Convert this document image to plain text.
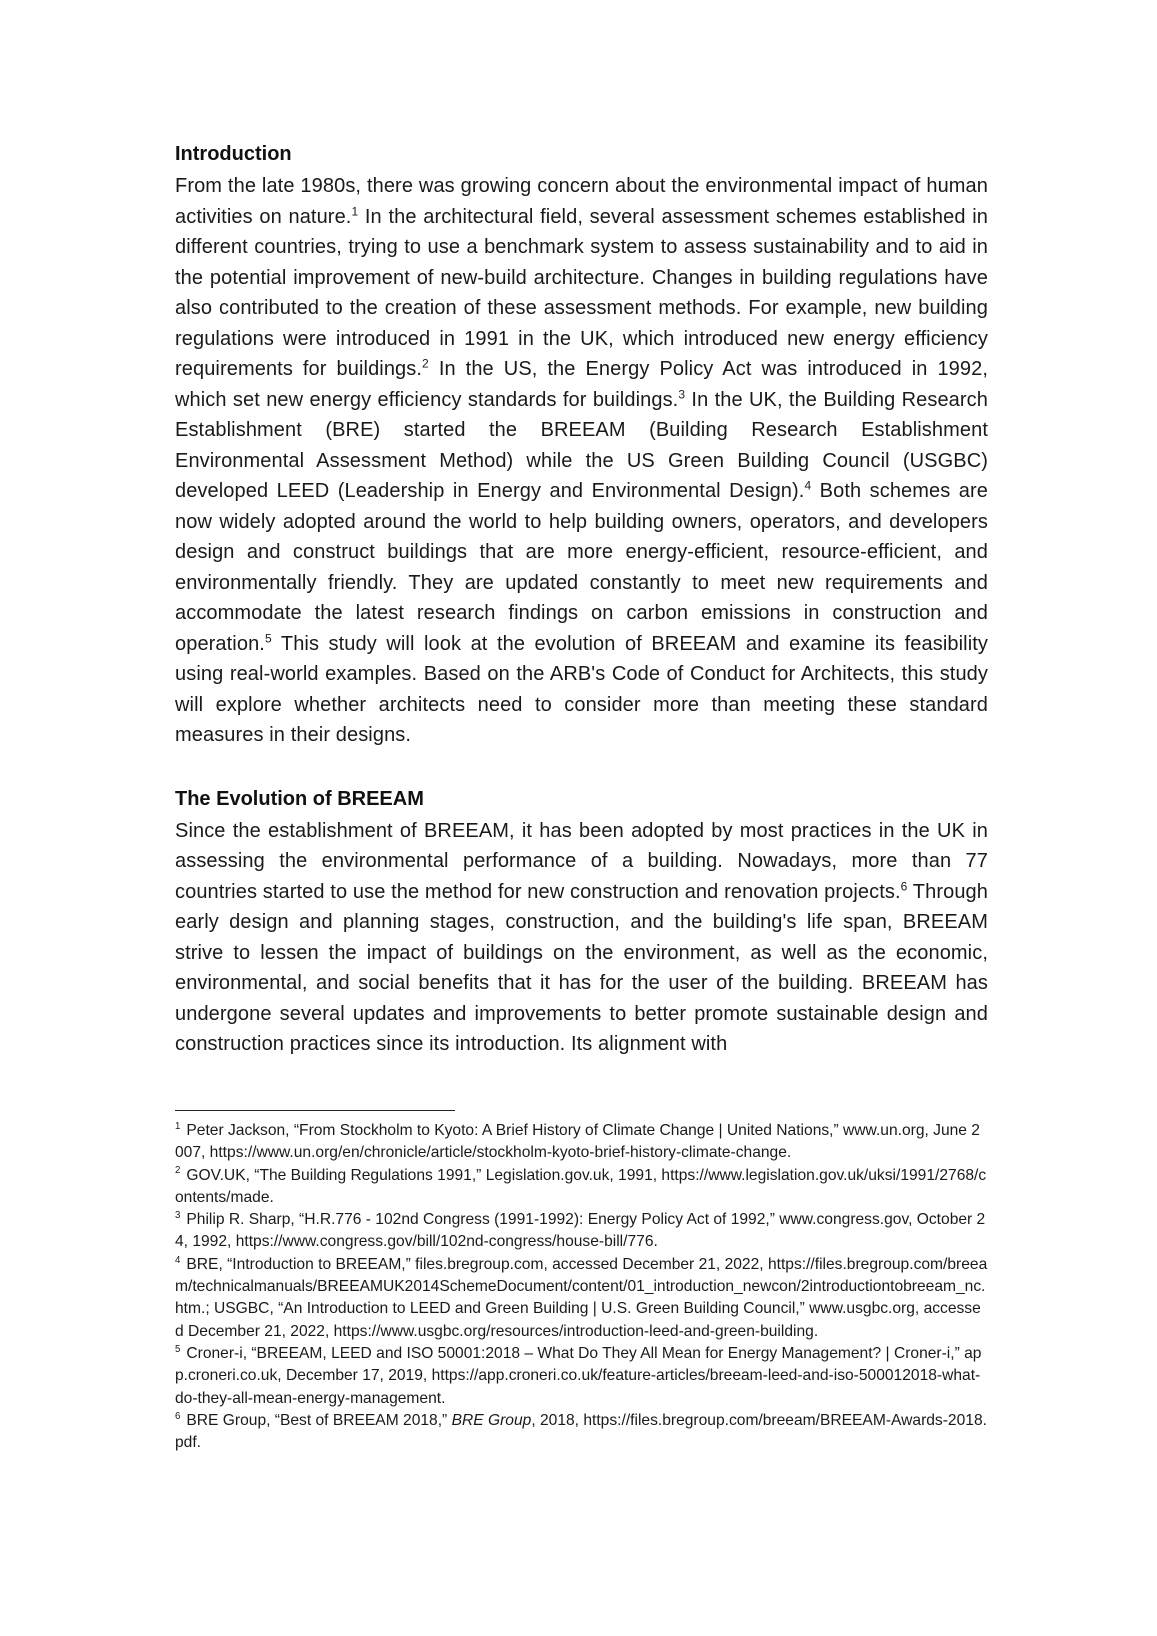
Introduction

From the late 1980s, there was growing concern about the environmental impact of human activities on nature.$^1$ In the architectural field, several assessment schemes established in different countries, trying to use a benchmark system to assess sustainability and to aid in the potential improvement of new-build architecture. Changes in building regulations have also contributed to the creation of these assessment methods. For example, new building regulations were introduced in 1991 in the UK, which introduced new energy efficiency requirements for buildings.$^2$ In the US, the Energy Policy Act was introduced in 1992, which set new energy efficiency standards for buildings.$^3$ In the UK, the Building Research Establishment (BRE) started the BREEAM (Building Research Establishment Environmental Assessment Method) while the US Green Building Council (USGBC) developed LEED (Leadership in Energy and Environmental Design).$^4$ Both schemes are now widely adopted around the world to help building owners, operators, and developers design and construct buildings that are more energy-efficient, resource-efficient, and environmentally friendly. They are updated constantly to meet new requirements and accommodate the latest research findings on carbon emissions in construction and operation.$^5$ This study will look at the evolution of BREEAM and examine its feasibility using real-world examples. Based on the ARB's Code of Conduct for Architects, this study will explore whether architects need to consider more than meeting these standard measures in their designs.

The Evolution of BREEAM

Since the establishment of BREEAM, it has been adopted by most practices in the UK in assessing the environmental performance of a building. Nowadays, more than 77 countries started to use the method for new construction and renovation projects.$^6$ Through early design and planning stages, construction, and the building's life span, BREEAM strive to lessen the impact of buildings on the environment, as well as the economic, environmental, and social benefits that it has for the user of the building. BREEAM has undergone several updates and improvements to better promote sustainable design and construction practices since its introduction. Its alignment with

$^1$ Peter Jackson, “From Stockholm to Kyoto: A Brief History of Climate Change | United Nations,” www.un.org, June 2007, https://www.un.org/en/chronicle/article/stockholm-kyoto-brief-history-climate-change.

$^2$ GOV.UK, “The Building Regulations 1991,” Legislation.gov.uk, 1991, https://www.legislation.gov.uk/uksi/1991/2768/contents/made.

$^3$ Philip R. Sharp, “H.R.776 - 102nd Congress (1991-1992): Energy Policy Act of 1992,” www.congress.gov, October 24, 1992, https://www.congress.gov/bill/102nd-congress/house-bill/776.

$^4$ BRE, “Introduction to BREEAM,” files.bregroup.com, accessed December 21, 2022, https://files.bregroup.com/breeam/technicalmanuals/BREEAMUK2014SchemeDocument/content/01_introduction_newcon/2introductiontobreeam_nc.htm.; USGBC, “An Introduction to LEED and Green Building | U.S. Green Building Council,” www.usgbc.org, accessed December 21, 2022, https://www.usgbc.org/resources/introduction-leed-and-green-building.

$^5$ Croner-i, “BREEAM, LEED and ISO 50001:2018 – What Do They All Mean for Energy Management? | Croner-i,” app.croneri.co.uk, December 17, 2019, https://app.croneri.co.uk/feature-articles/breeam-leed-and-iso-500012018-what-do-they-all-mean-energy-management.

$^6$ BRE Group, “Best of BREEAM 2018,” BRE Group, 2018, https://files.bregroup.com/breeam/BREEAM-Awards-2018.pdf.
